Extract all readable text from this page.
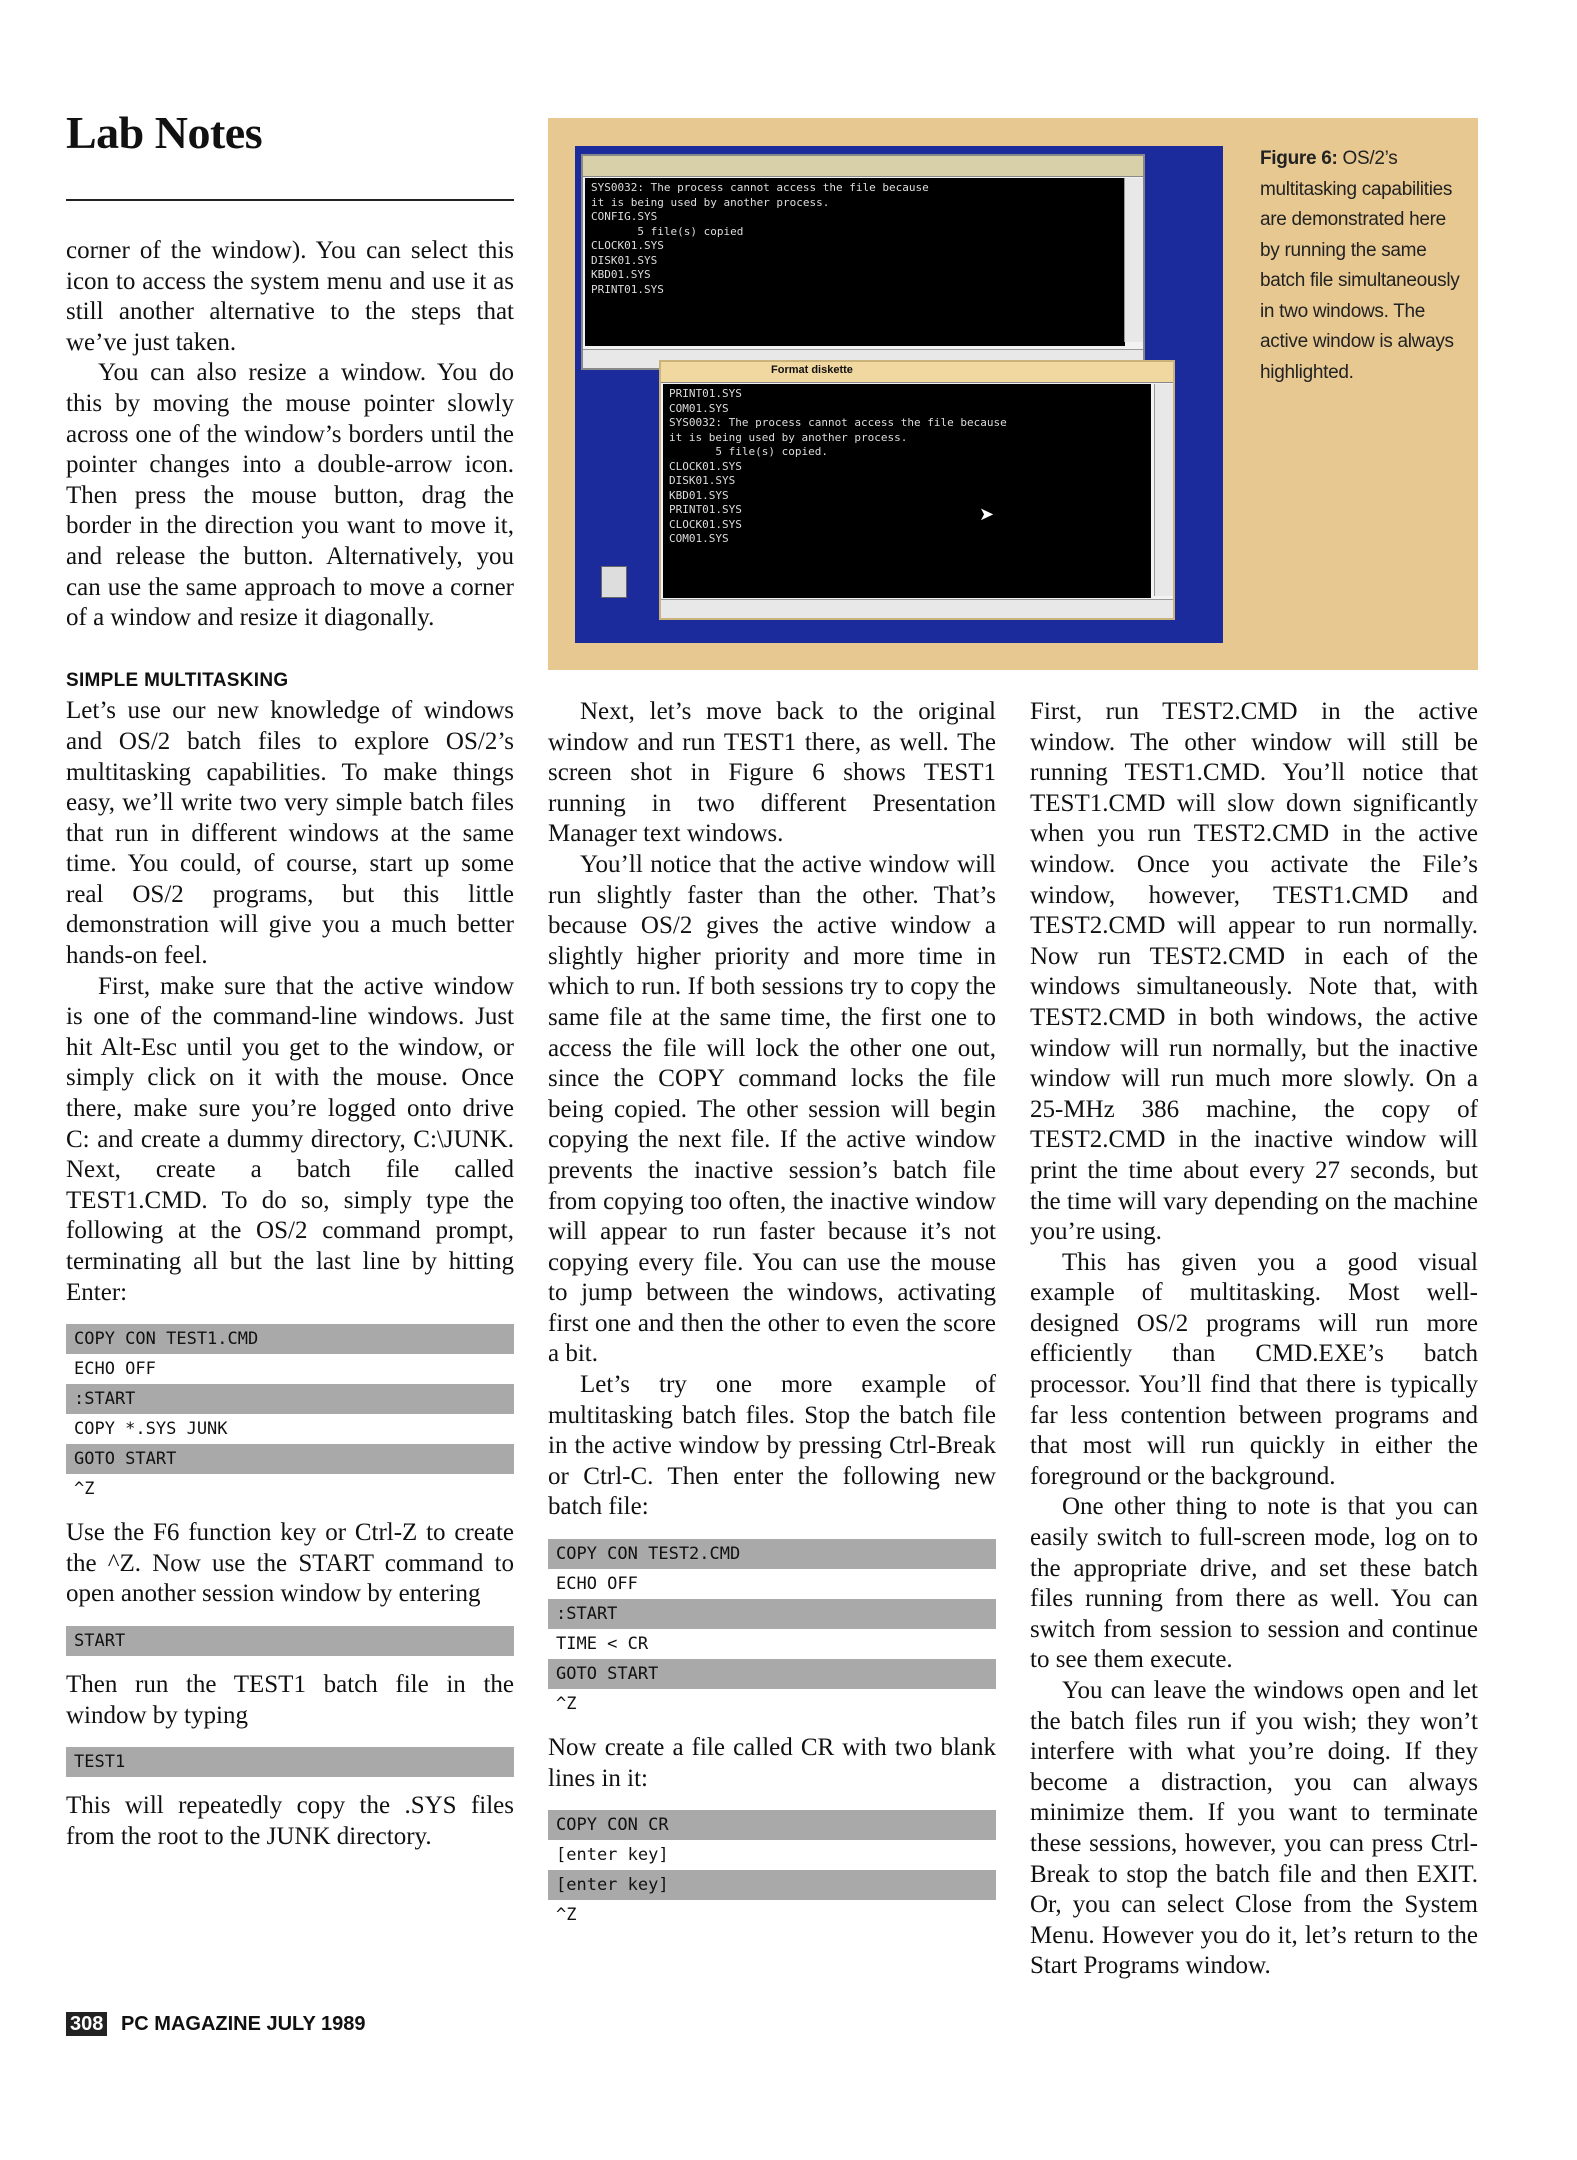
Lab Notes
SYS0032: The process cannot access the file because
it is being used by another process.
CONFIG.SYS
5 file(s) copied
CLOCK01.SYS
DISK01.SYS
KBD01.SYS
PRINT01.SYS
Format diskette
PRINT01.SYS
COM01.SYS
SYS0032: The process cannot access the file because
it is being used by another process.
5 file(s) copied.
CLOCK01.SYS
DISK01.SYS
KBD01.SYS
PRINT01.SYS
CLOCK01.SYS
COM01.SYS
➤
Figure 6: OS/2’s multitasking capabilities are demonstrated here by running the same batch file simultaneously in two windows. The active window is always highlighted.

corner of the window). You can select this icon to access the system menu and use it as still another alternative to the steps that we’ve just taken.

You can also resize a window. You do this by moving the mouse pointer slowly across one of the window’s borders until the pointer changes into a double-arrow icon. Then press the mouse button, drag the border in the direction you want to move it, and release the button. Alternatively, you can use the same approach to move a corner of a window and resize it diagonally.

SIMPLE MULTITASKING

Let’s use our new knowledge of windows and OS/2 batch files to explore OS/2’s multitasking capabilities. To make things easy, we’ll write two very simple batch files that run in different windows at the same time. You could, of course, start up some real OS/2 programs, but this little demonstration will give you a much better hands-on feel.

First, make sure that the active window is one of the command-line windows. Just hit Alt-Esc until you get to the window, or simply click on it with the mouse. Once there, make sure you’re logged onto drive C: and create a dummy directory, C:\JUNK. Next, create a batch file called TEST1.CMD. To do so, simply type the following at the OS/2 command prompt, terminating all but the last line by hitting Enter:

COPY CON TEST1.CMD
ECHO OFF
:START
COPY *.SYS JUNK
GOTO START
^Z

Use the F6 function key or Ctrl-Z to create the ^Z. Now use the START command to open another session window by entering

START

Then run the TEST1 batch file in the window by typing

TEST1

This will repeatedly copy the .SYS files from the root to the JUNK directory.

Next, let’s move back to the original window and run TEST1 there, as well. The screen shot in Figure 6 shows TEST1 running in two different Presentation Manager text windows.

You’ll notice that the active window will run slightly faster than the other. That’s because OS/2 gives the active window a slightly higher priority and more time in which to run. If both sessions try to copy the same file at the same time, the first one to access the file will lock the other one out, since the COPY command locks the file being copied. The other session will begin copying the next file. If the active window prevents the inactive session’s batch file from copying too often, the inactive window will appear to run faster because it’s not copying every file. You can use the mouse to jump between the windows, activating first one and then the other to even the score a bit.

Let’s try one more example of multitasking batch files. Stop the batch file in the active window by pressing Ctrl-Break or Ctrl-C. Then enter the following new batch file:

COPY CON TEST2.CMD
ECHO OFF
:START
TIME < CR
GOTO START
^Z

Now create a file called CR with two blank lines in it:

COPY CON CR
[enter key]
[enter key]
^Z

First, run TEST2.CMD in the active window. The other window will still be running TEST1.CMD. You’ll notice that TEST1.CMD will slow down significantly when you run TEST2.CMD in the active window. Once you activate the File’s window, however, TEST1.CMD and TEST2.CMD will appear to run normally. Now run TEST2.CMD in each of the windows simultaneously. Note that, with TEST2.CMD in both windows, the active window will run normally, but the inactive window will run much more slowly. On a 25-MHz 386 machine, the copy of TEST2.CMD in the inactive window will print the time about every 27 seconds, but the time will vary depending on the machine you’re using.

This has given you a good visual example of multitasking. Most well-designed OS/2 programs will run more efficiently than CMD.EXE’s batch processor. You’ll find that there is typically far less contention between programs and that most will run quickly in either the foreground or the background.

One other thing to note is that you can easily switch to full-screen mode, log on to the appropriate drive, and set these batch files running from there as well. You can switch from session to session and continue to see them execute.

You can leave the windows open and let the batch files run if you wish; they won’t interfere with what you’re doing. If they become a distraction, you can always minimize them. If you want to terminate these sessions, however, you can press Ctrl-Break to stop the batch file and then EXIT. Or, you can select Close from the System Menu. However you do it, let’s return to the Start Programs window.

308 PC MAGAZINE JULY 1989
